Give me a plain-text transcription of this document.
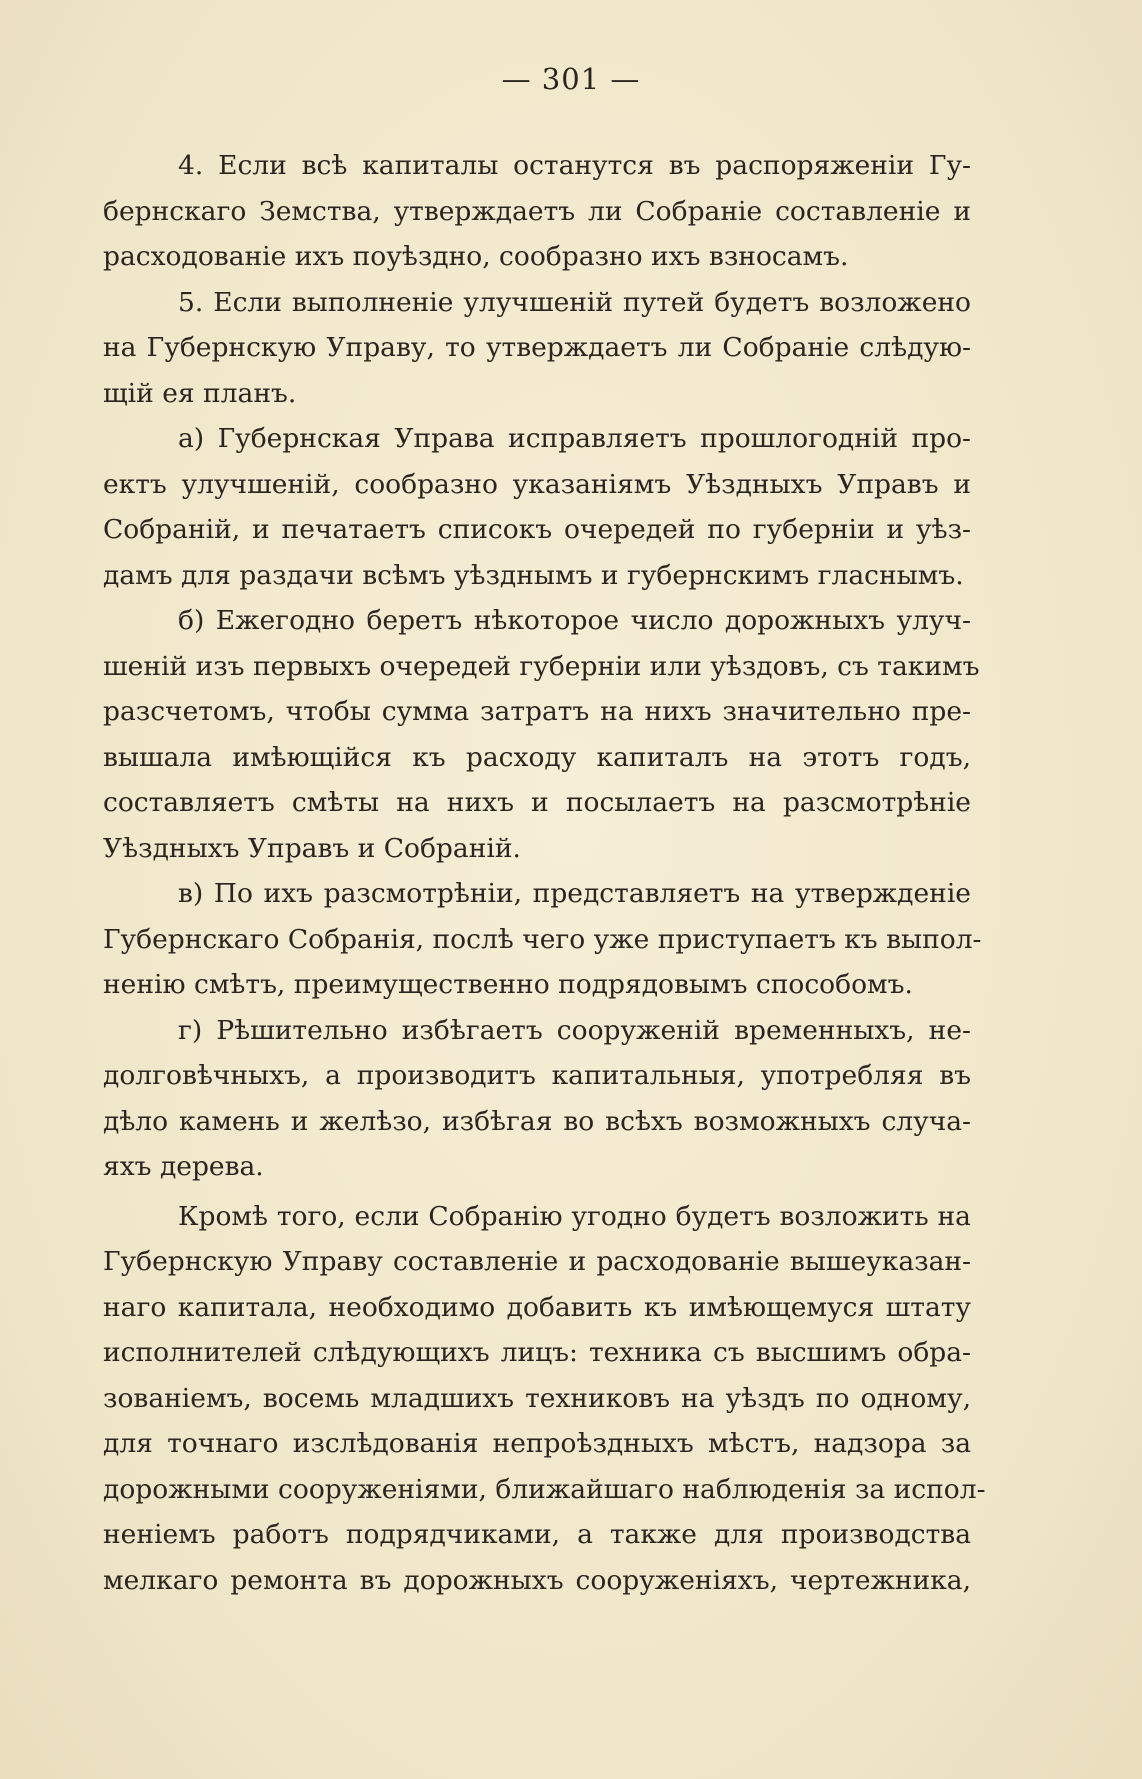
— 301 —
4. Если всѣ капиталы останутся въ распоряженіи Гу-
бернскаго Земства, утверждаетъ ли Собраніе составленіе и
расходованіе ихъ поуѣздно, сообразно ихъ взносамъ.
5. Если выполненіе улучшеній путей будетъ возложено
на Губернскую Управу, то утверждаетъ ли Собраніе слѣдую-
щій ея планъ.
а) Губернская Управа исправляетъ прошлогодній про-
ектъ улучшеній, сообразно указаніямъ Уѣздныхъ Управъ и
Собраній, и печатаетъ списокъ очередей по губерніи и уѣз-
дамъ для раздачи всѣмъ уѣзднымъ и губернскимъ гласнымъ.
б) Ежегодно беретъ нѣкоторое число дорожныхъ улуч-
шеній изъ первыхъ очередей губерніи или уѣздовъ, съ такимъ
разсчетомъ, чтобы сумма затратъ на нихъ значительно пре-
вышала имѣющійся къ расходу капиталъ на этотъ годъ,
составляетъ смѣты на нихъ и посылаетъ на разсмотрѣніе
Уѣздныхъ Управъ и Собраній.
в) По ихъ разсмотрѣніи, представляетъ на утвержденіе
Губернскаго Собранія, послѣ чего уже приступаетъ къ выпол-
ненію смѣтъ, преимущественно подрядовымъ способомъ.
г) Рѣшительно избѣгаетъ сооруженій временныхъ, не-
долговѣчныхъ, а производитъ капитальныя, употребляя въ
дѣло камень и желѣзо, избѣгая во всѣхъ возможныхъ случа-
яхъ дерева.
Кромѣ того, если Собранію угодно будетъ возложить на
Губернскую Управу составленіе и расходованіе вышеуказан-
наго капитала, необходимо добавить къ имѣющемуся штату
исполнителей слѣдующихъ лицъ: техника съ высшимъ обра-
зованіемъ, восемь младшихъ техниковъ на уѣздъ по одному,
для точнаго изслѣдованія непроѣздныхъ мѣстъ, надзора за
дорожными сооруженіями, ближайшаго наблюденія за испол-
неніемъ работъ подрядчиками, а также для производства
мелкаго ремонта въ дорожныхъ сооруженіяхъ, чертежника,
